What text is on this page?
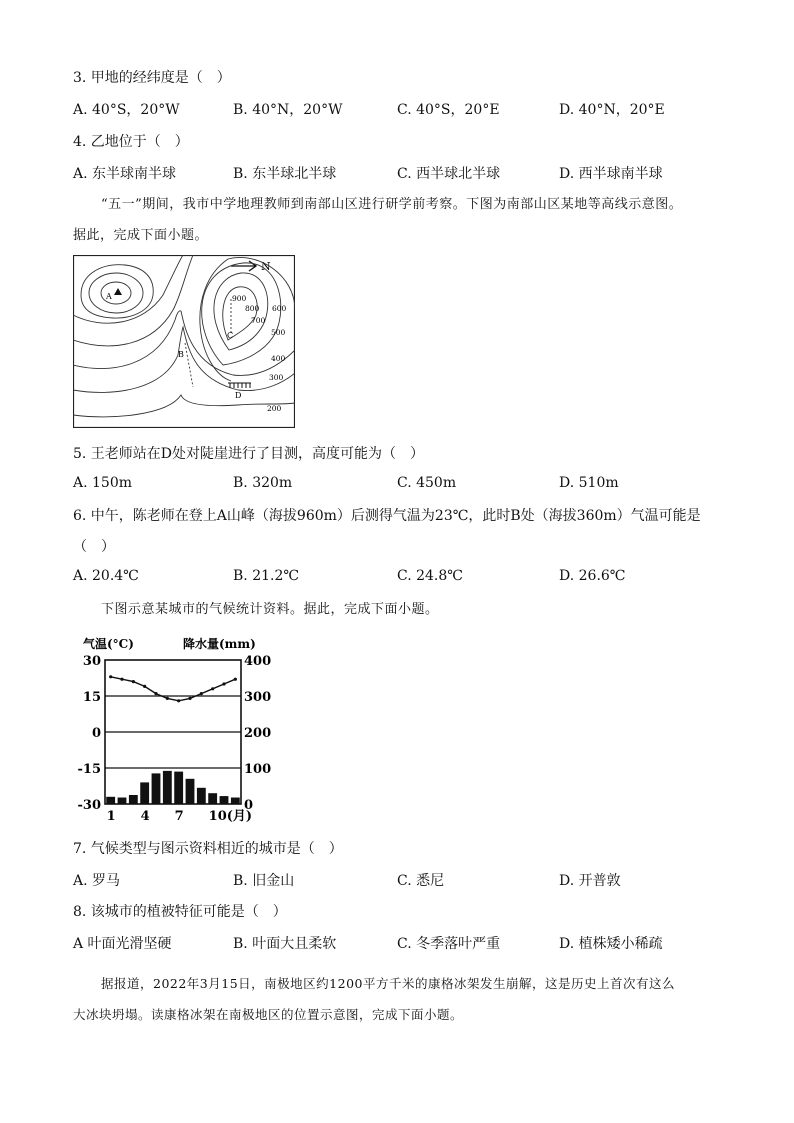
3. 甲地的经纬度是（　）
A. 40°S，20°W	B. 40°N，20°W	C. 40°S，20°E	D. 40°N，20°E
4. 乙地位于（　）
A. 东半球南半球	B. 东半球北半球	C. 西半球北半球	D. 西半球南半球
“五一”期间，我市中学地理教师到南部山区进行研学前考察。下图为南部山区某地等高线示意图。
据此，完成下面小题。
N
A
B
C
D
900
800
700
600
500
400
300
200
5. 王老师站在D处对陡崖进行了目测，高度可能为（　）
A. 150m	B. 320m	C. 450m	D. 510m
6. 中午，陈老师在登上A山峰（海拔960m）后测得气温为23℃，此时B处（海拔360m）气温可能是
（　）
A. 20.4℃	B. 21.2℃	C. 24.8℃	D. 26.6℃
下图示意某城市的气候统计资料。据此，完成下面小题。
气温(°C)	降水量(mm)
30
15
0
-15
-30
400
300
200
100
0
1 4 7 10(月)
7. 气候类型与图示资料相近的城市是（　）
A. 罗马	B. 旧金山	C. 悉尼	D. 开普敦
8. 该城市的植被特征可能是（　）
A 叶面光滑坚硬	B. 叶面大且柔软	C. 冬季落叶严重	D. 植株矮小稀疏
据报道，2022年3月15日，南极地区约1200平方千米的康格冰架发生崩解，这是历史上首次有这么
大冰块坍塌。读康格冰架在南极地区的位置示意图，完成下面小题。
